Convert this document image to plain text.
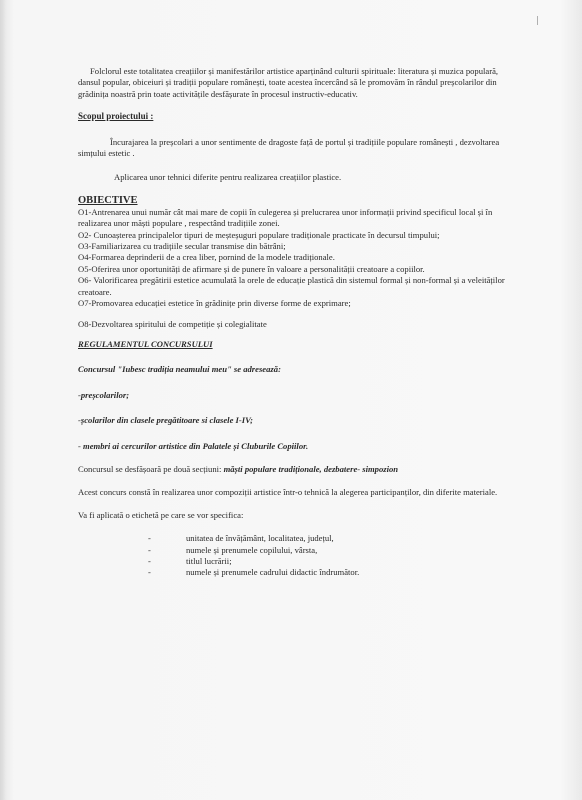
Folclorul este totalitatea creațiilor și manifestărilor artistice aparținând culturii spirituale: literatura și muzica populară, dansul popular, obiceiuri și tradiții populare românești, toate acestea încercând să le promovăm în rândul preșcolarilor din grădinița noastră prin toate activitățile desfășurate în procesul instructiv-educativ.

Scopul proiectului :

Încurajarea la preșcolari a unor sentimente de dragoste față de portul și tradițiile populare românești , dezvoltarea simțului estetic .

Aplicarea unor tehnici diferite pentru realizarea creațiilor plastice.

OBIECTIVE

O1-Antrenarea unui număr cât mai mare de copii în culegerea și prelucrarea unor informații privind specificul local și în realizarea unor măști populare , respectând tradițiile zonei.

O2- Cunoașterea principalelor tipuri de meșteșuguri populare tradiționale practicate în decursul timpului;

O3-Familiarizarea cu tradițiile secular transmise din bătrâni;

O4-Formarea deprinderii de a crea liber, pornind de la modele tradiționale.

O5-Oferirea unor oportunități de afirmare și de punere în valoare a personalității creatoare a copiilor.

O6- Valorificarea pregătirii estetice acumulată la orele de educație plastică din sistemul formal și non-formal și a veleităților creatoare.

O7-Promovarea educației estetice în grădinițe prin diverse forme de exprimare;

O8-Dezvoltarea spiritului de competiție și colegialitate

REGULAMENTUL CONCURSULUI

Concursul "Iubesc tradiția neamului meu" se adresează:

-preșcolarilor;

-școlarilor din clasele pregătitoare si clasele I-IV;

- membri ai cercurilor artistice din Palatele și Cluburile Copiilor.

Concursul se desfășoară pe două secțiuni: măști populare tradiționale, dezbatere- simpozion

Acest concurs constă în realizarea unor compoziții artistice într-o tehnică la alegerea participanților, din diferite materiale.

Va fi aplicată o etichetă pe care se vor specifica:

-	unitatea de învățământ, localitatea, județul,
-	numele și prenumele copilului, vârsta,
-	titlul lucrării;
-	numele și prenumele cadrului didactic îndrumător.
